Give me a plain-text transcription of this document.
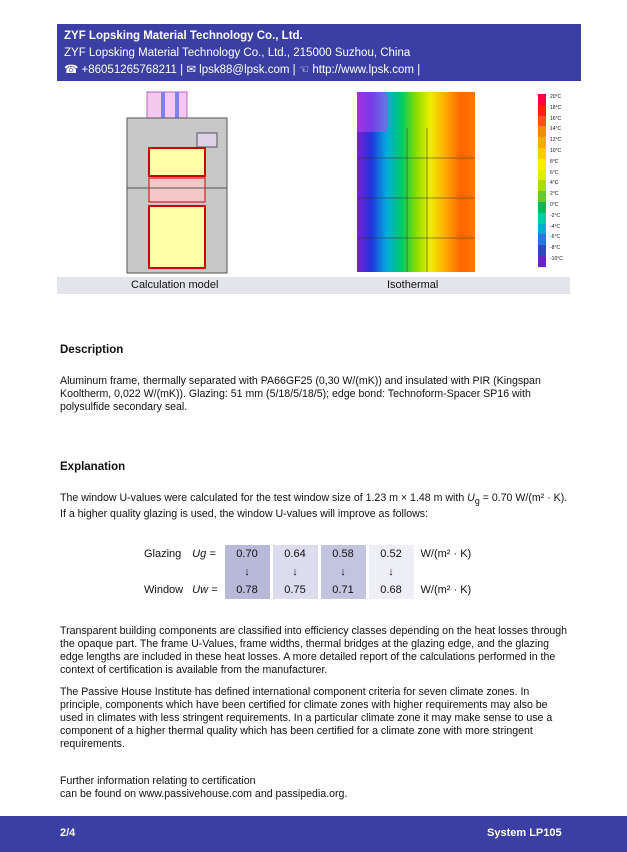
ZYF Lopsking Material Technology Co., Ltd.
ZYF Lopsking Material Technology Co., Ltd., 215000 Suzhou, China
☎ +8605126576821​1 | ✉ lpsk88@lpsk.com | ☜ http://www.lpsk.com |
20°C
18°C
16°C
14°C
12°C
10°C
8°C
6°C
4°C
2°C
0°C
-2°C
-4°C
-6°C
-8°C
-10°C
Calculation model	Isothermal
Description
Aluminum frame, thermally separated with PA66GF25 (0,30 W/(mK)) and insulated with PIR (Kingspan Kooltherm, 0,022 W/(mK)). Glazing: 51 mm (5/18/5/18/5); edge bond: Technoform-Spacer SP16 with polysulfide secondary seal.
Explanation
The window U-values were calculated for the test window size of 1.23 m × 1.48 m with $U_g = 0.70$ W/(m² · K).
If a higher quality glazing is used, the window U-values will improve as follows:
Glazing	Ug =	0.70	0.64	0.58	0.52	W/(m² · K)
		↓	↓	↓	↓	
Window	Uw =	0.78	0.75	0.71	0.68	W/(m² · K)
Transparent building components are classified into efficiency classes depending on the heat losses through the opaque part. The frame U-Values, frame widths, thermal bridges at the glazing edge, and the glazing edge lengths are included in these heat losses. A more detailed report of the calculations performed in the context of certification is available from the manufacturer.
The Passive House Institute has defined international component criteria for seven climate zones. In principle, components which have been certified for climate zones with higher requirements may also be used in climates with less stringent requirements. In a particular climate zone it may make sense to use a component of a higher thermal quality which has been certified for a climate zone with more stringent requirements.
Further information relating to certification
can be found on www.passivehouse.com and passipedia.org.
2/4	System LP105
